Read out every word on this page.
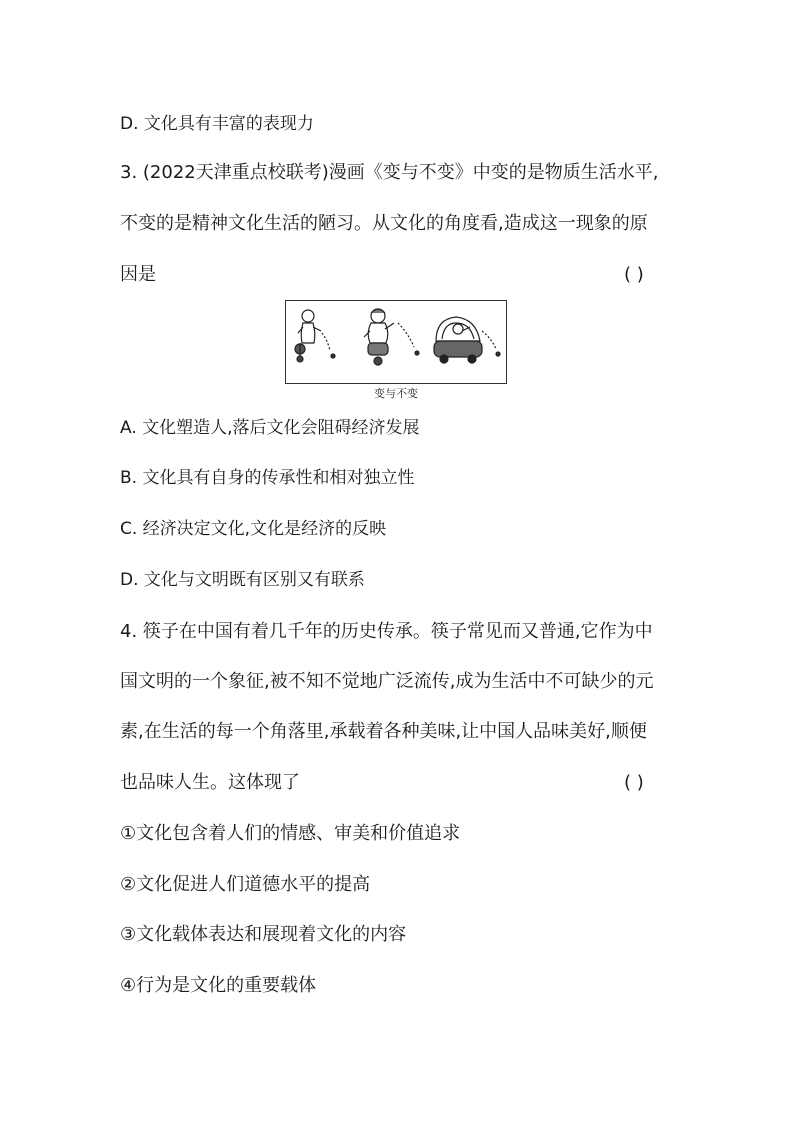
D. 文化具有丰富的表现力
3. (2022天津重点校联考)漫画《变与不变》中变的是物质生活水平,
不变的是精神文化生活的陋习。从文化的角度看,造成这一现象的原
因是	( )
变与不变
A. 文化塑造人,落后文化会阻碍经济发展
B. 文化具有自身的传承性和相对独立性
C. 经济决定文化,文化是经济的反映
D. 文化与文明既有区别又有联系
4. 筷子在中国有着几千年的历史传承。筷子常见而又普通,它作为中
国文明的一个象征,被不知不觉地广泛流传,成为生活中不可缺少的元
素,在生活的每一个角落里,承载着各种美味,让中国人品味美好,顺便
也品味人生。这体现了	( )
①文化包含着人们的情感、审美和价值追求
②文化促进人们道德水平的提高
③文化载体表达和展现着文化的内容
④行为是文化的重要载体
